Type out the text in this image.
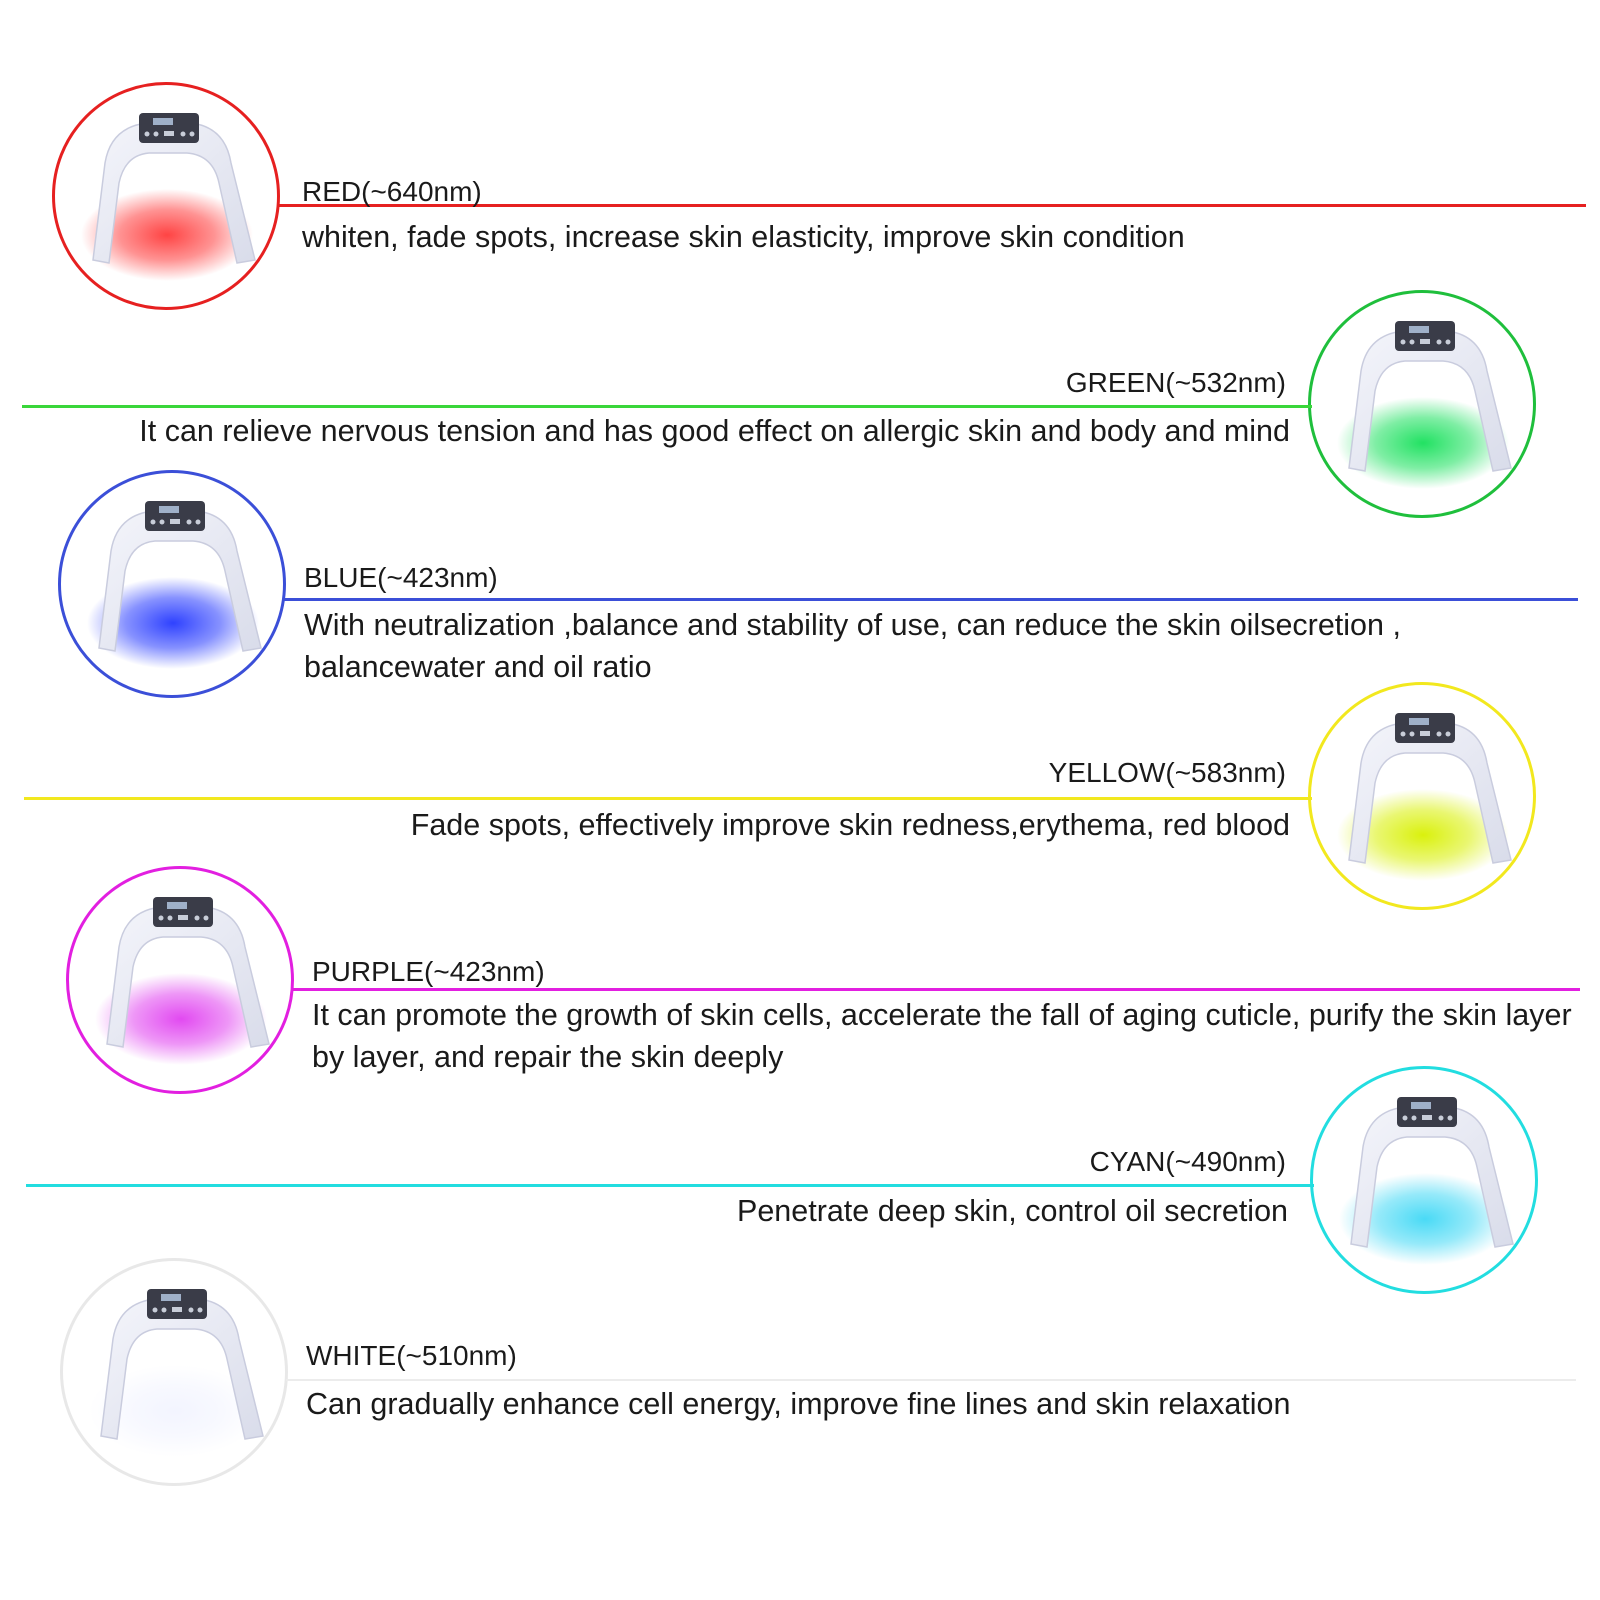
RED(~640nm)
whiten, fade spots, increase skin elasticity, improve skin condition
GREEN(~532nm)
It can relieve nervous tension and has good effect on allergic skin and body and mind
BLUE(~423nm)
With neutralization ,balance and stability of use, can reduce the skin oilsecretion , balancewater and oil ratio
YELLOW(~583nm)
Fade spots, effectively improve skin redness,erythema, red blood
PURPLE(~423nm)
It can promote the growth of skin cells, accelerate the fall of aging cuticle, purify the skin layer by layer, and repair the skin deeply
CYAN(~490nm)
Penetrate deep skin, control oil secretion
WHITE(~510nm)
Can gradually enhance cell energy, improve fine lines and skin relaxation
